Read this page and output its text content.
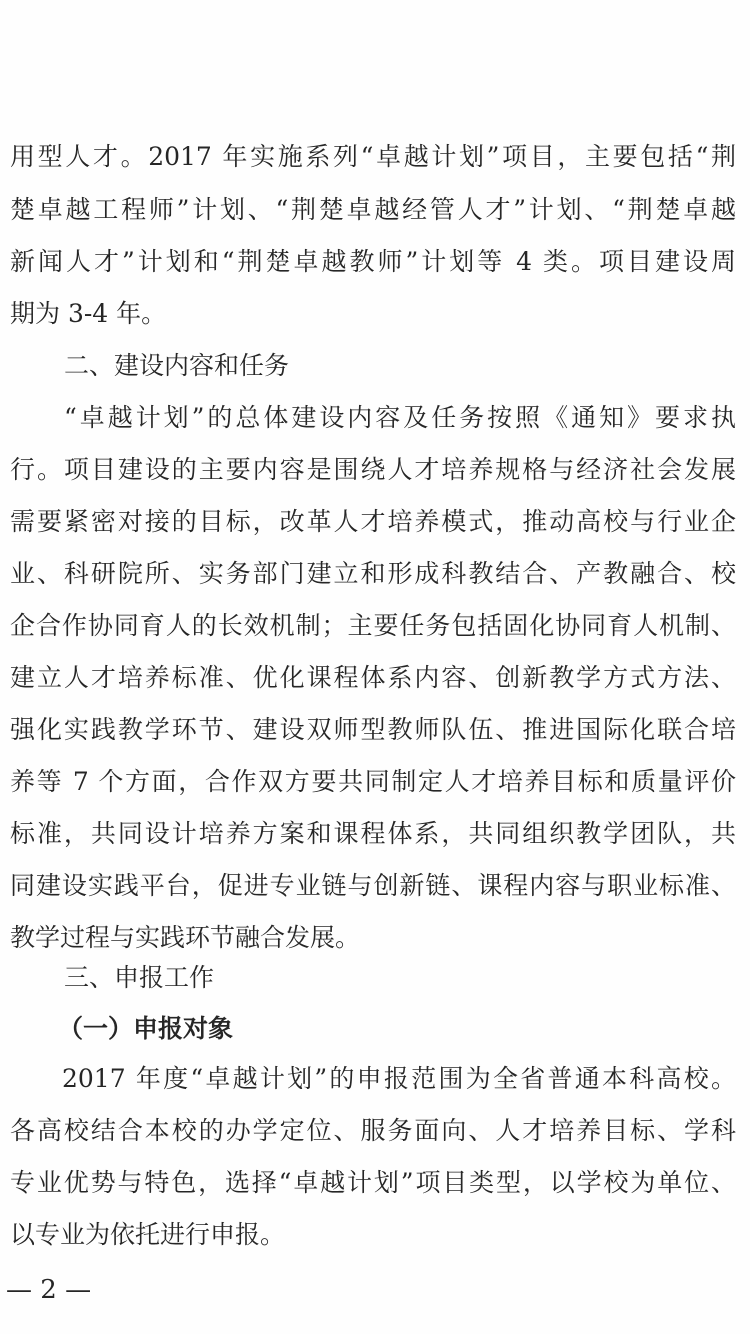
用型人才。2017 年实施系列“卓越计划”项目，主要包括“荆
楚卓越工程师”计划、“荆楚卓越经管人才”计划、“荆楚卓越
新闻人才”计划和“荆楚卓越教师”计划等 4 类。项目建设周
期为 3-4 年。
二、建设内容和任务
“卓越计划”的总体建设内容及任务按照《通知》要求执
行。项目建设的主要内容是围绕人才培养规格与经济社会发展
需要紧密对接的目标，改革人才培养模式，推动高校与行业企
业、科研院所、实务部门建立和形成科教结合、产教融合、校
企合作协同育人的长效机制；主要任务包括固化协同育人机制、
建立人才培养标准、优化课程体系内容、创新教学方式方法、
强化实践教学环节、建设双师型教师队伍、推进国际化联合培
养等 7 个方面，合作双方要共同制定人才培养目标和质量评价
标准，共同设计培养方案和课程体系，共同组织教学团队，共
同建设实践平台，促进专业链与创新链、课程内容与职业标准、
教学过程与实践环节融合发展。
三、申报工作
（一）申报对象
2017 年度“卓越计划”的申报范围为全省普通本科高校。
各高校结合本校的办学定位、服务面向、人才培养目标、学科
专业优势与特色，选择“卓越计划”项目类型，以学校为单位、
以专业为依托进行申报。
— 2 —
